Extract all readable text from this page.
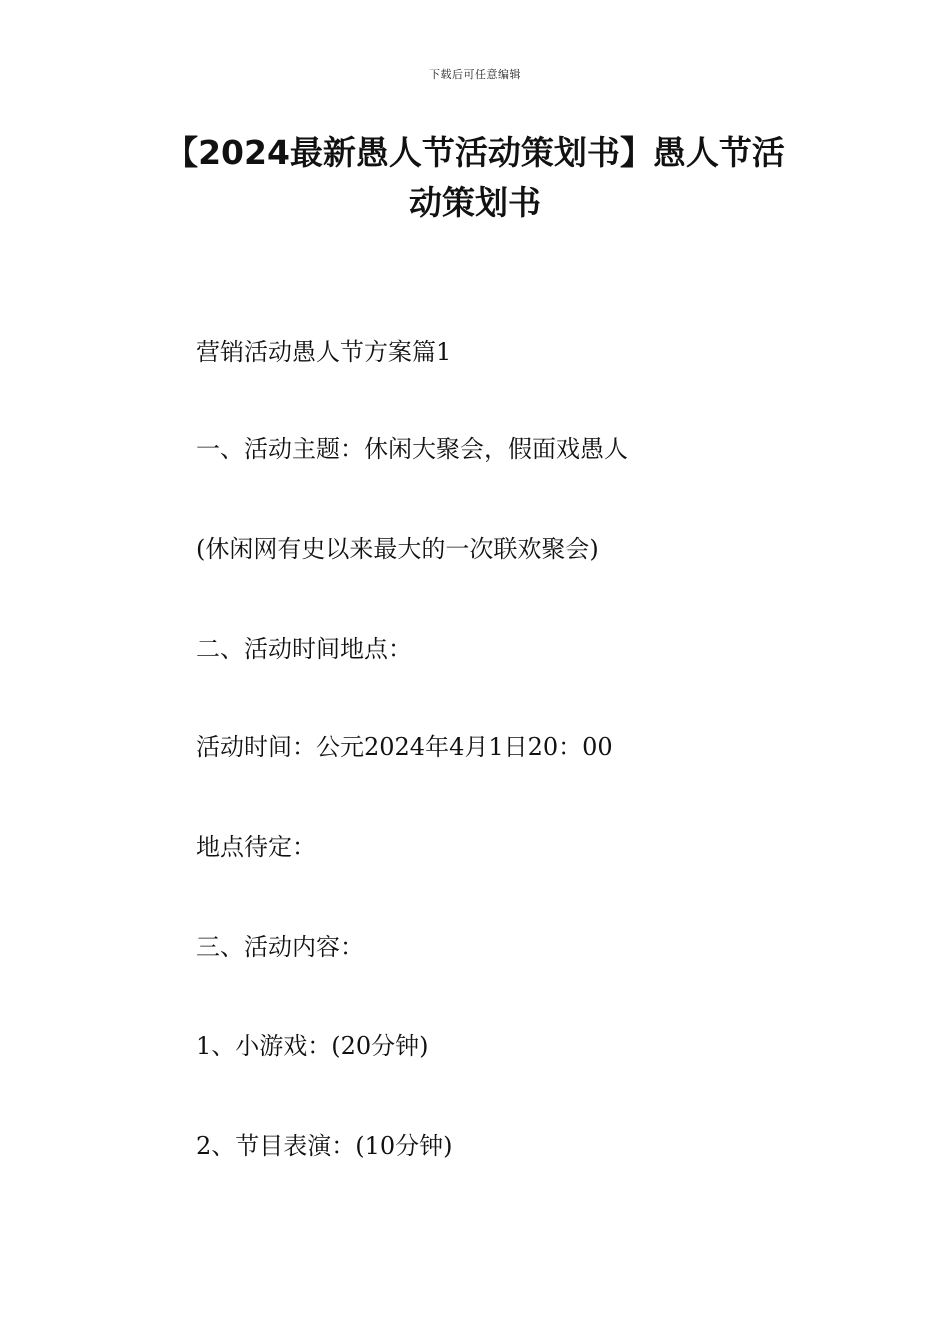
下载后可任意编辑
【2024最新愚人节活动策划书】愚人节活
动策划书
营销活动愚人节方案篇1
一、活动主题：休闲大聚会，假面戏愚人
(休闲网有史以来最大的一次联欢聚会)
二、活动时间地点：
活动时间：公元2024年4月1日20：00
地点待定：
三、活动内容：
1、小游戏：(20分钟)
2、节目表演：(10分钟)
